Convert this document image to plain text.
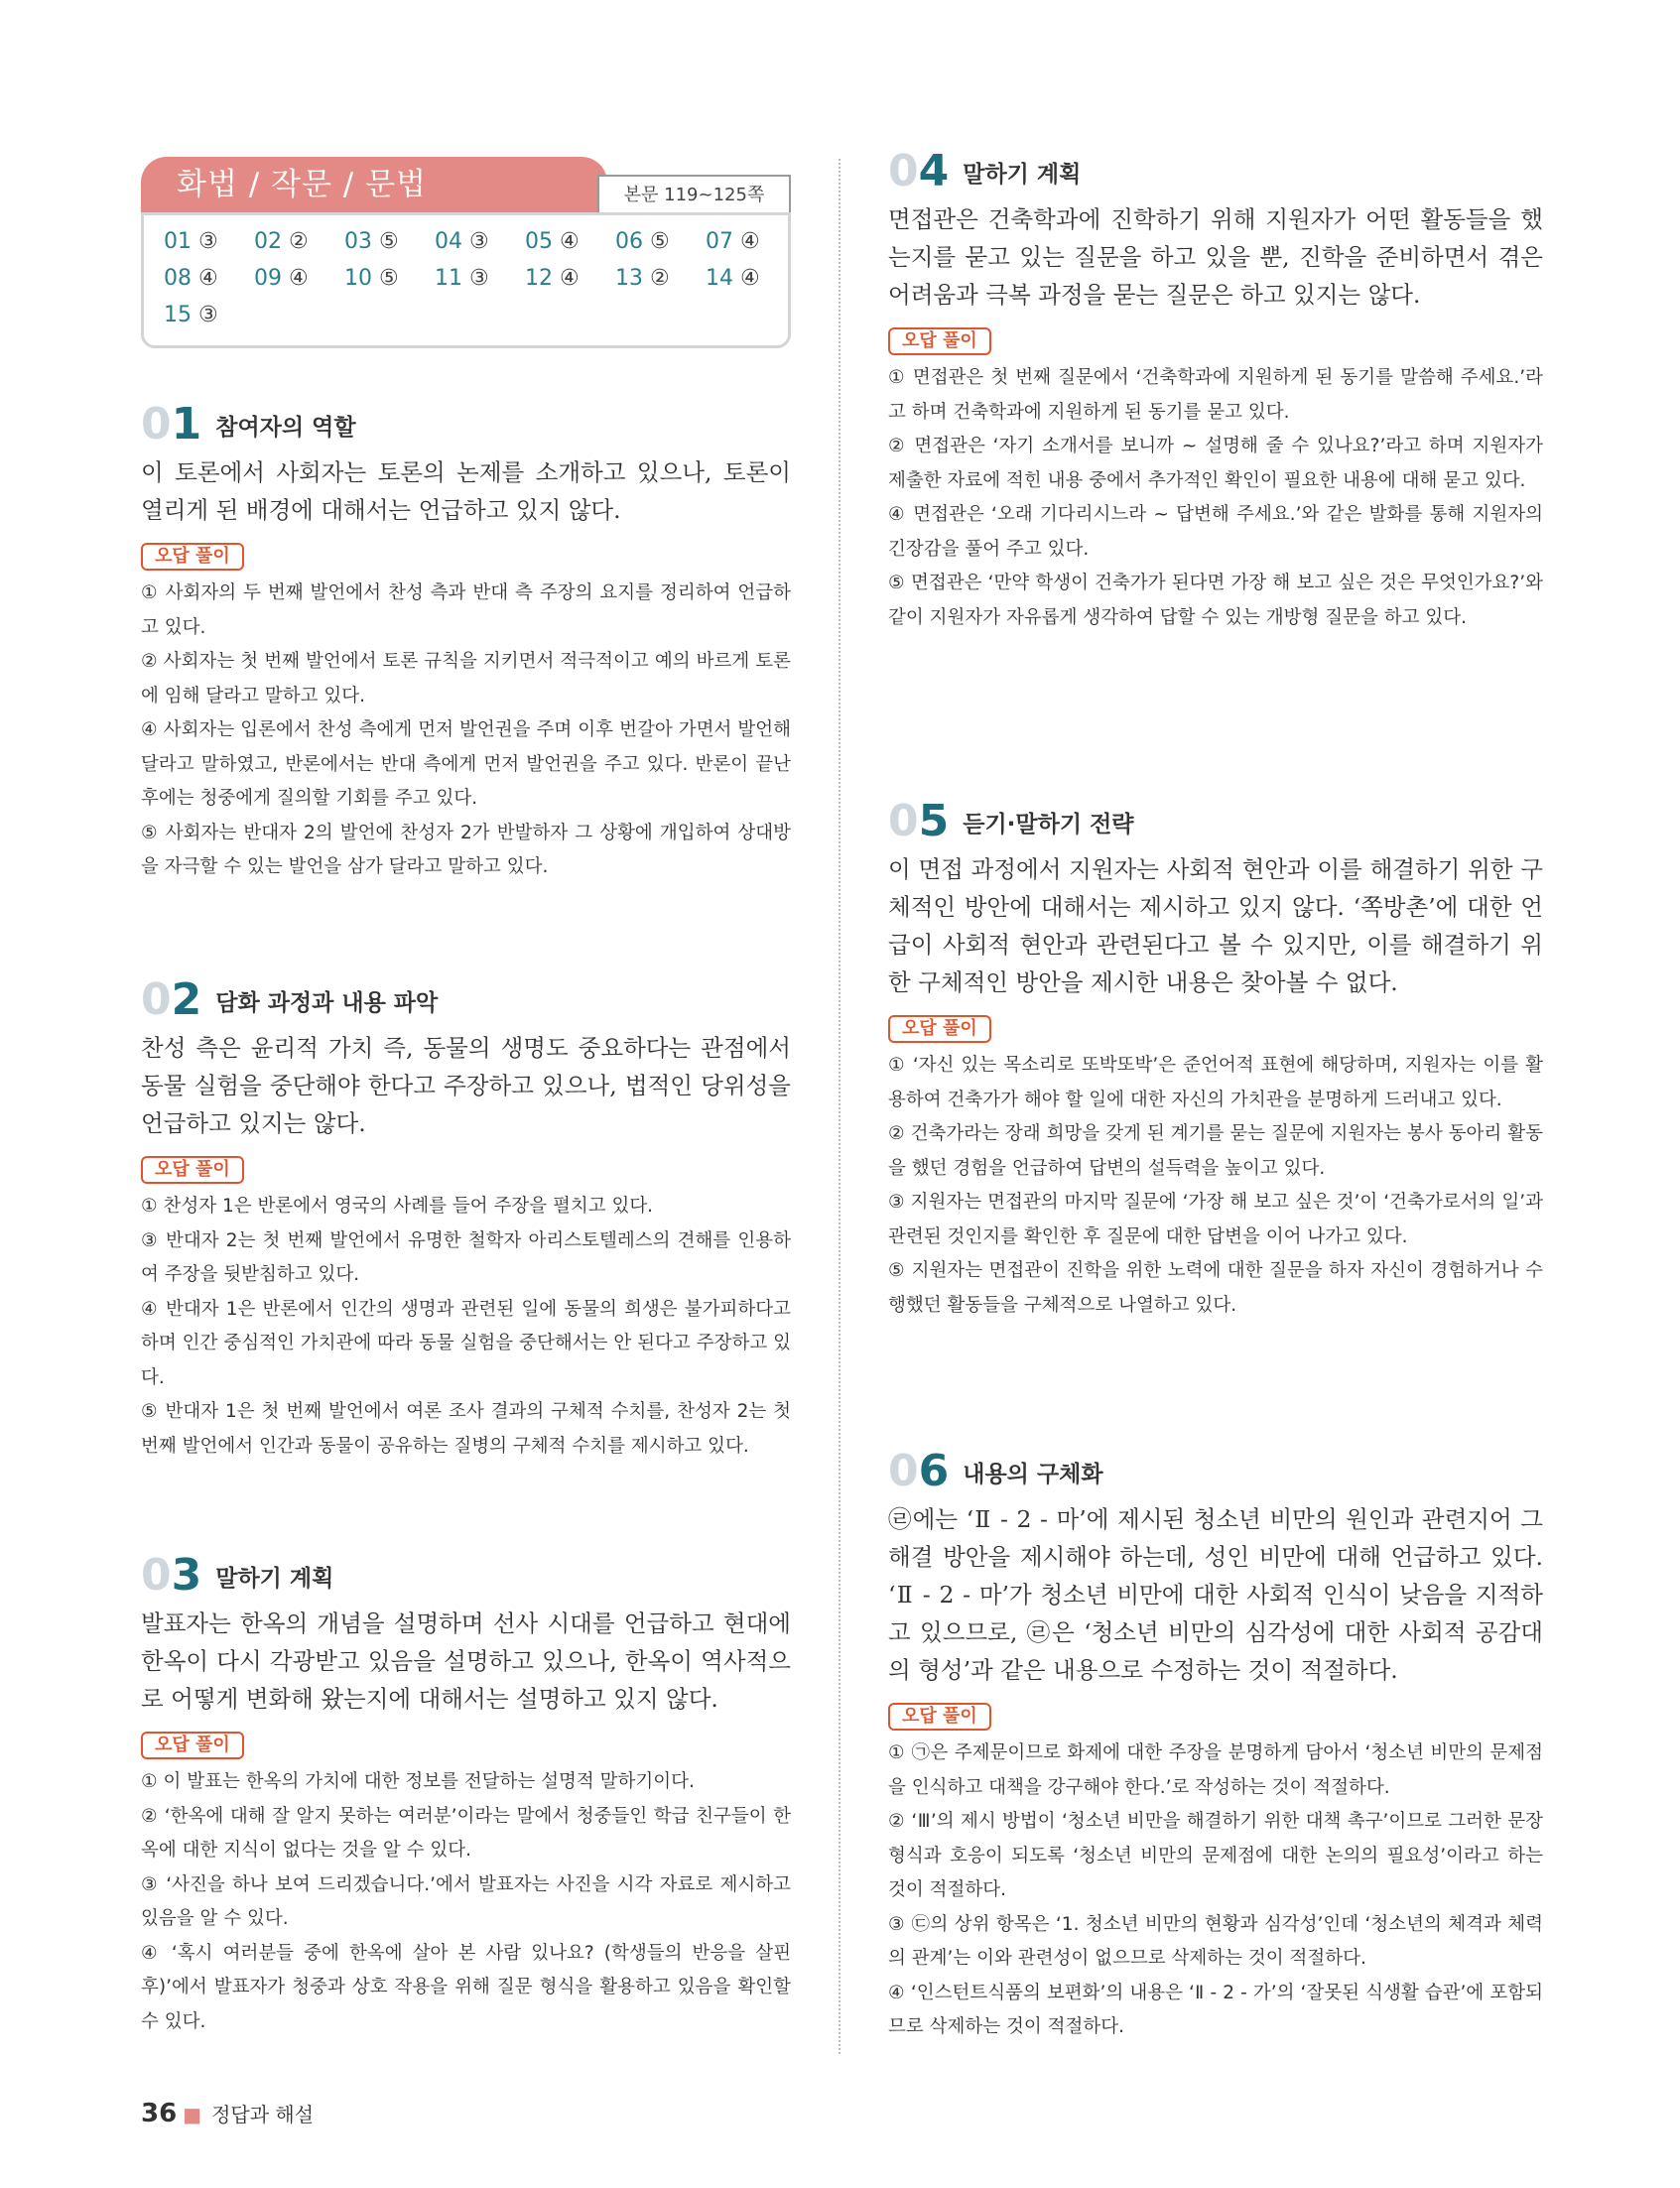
화법 / 작문 / 문법	본문 119~125쪽
01 ③	02 ②	03 ⑤	04 ③	05 ④	06 ⑤	07 ④
08 ④	09 ④	10 ⑤	11 ③	12 ④	13 ②	14 ④
15 ③
01 참여자의 역할
이 토론에서 사회자는 토론의 논제를 소개하고 있으나, 토론이 열리게 된 배경에 대해서는 언급하고 있지 않다.
오답 풀이

① 사회자의 두 번째 발언에서 찬성 측과 반대 측 주장의 요지를 정리하여 언급하고 있다.

② 사회자는 첫 번째 발언에서 토론 규칙을 지키면서 적극적이고 예의 바르게 토론에 임해 달라고 말하고 있다.

④ 사회자는 입론에서 찬성 측에게 먼저 발언권을 주며 이후 번갈아 가면서 발언해 달라고 말하였고, 반론에서는 반대 측에게 먼저 발언권을 주고 있다. 반론이 끝난 후에는 청중에게 질의할 기회를 주고 있다.

⑤ 사회자는 반대자 2의 발언에 찬성자 2가 반발하자 그 상황에 개입하여 상대방을 자극할 수 있는 발언을 삼가 달라고 말하고 있다.

02 담화 과정과 내용 파악
찬성 측은 윤리적 가치 즉, 동물의 생명도 중요하다는 관점에서 동물 실험을 중단해야 한다고 주장하고 있으나, 법적인 당위성을 언급하고 있지는 않다.
오답 풀이

① 찬성자 1은 반론에서 영국의 사례를 들어 주장을 펼치고 있다.

③ 반대자 2는 첫 번째 발언에서 유명한 철학자 아리스토텔레스의 견해를 인용하여 주장을 뒷받침하고 있다.

④ 반대자 1은 반론에서 인간의 생명과 관련된 일에 동물의 희생은 불가피하다고 하며 인간 중심적인 가치관에 따라 동물 실험을 중단해서는 안 된다고 주장하고 있다.

⑤ 반대자 1은 첫 번째 발언에서 여론 조사 결과의 구체적 수치를, 찬성자 2는 첫 번째 발언에서 인간과 동물이 공유하는 질병의 구체적 수치를 제시하고 있다.

03 말하기 계획
발표자는 한옥의 개념을 설명하며 선사 시대를 언급하고 현대에 한옥이 다시 각광받고 있음을 설명하고 있으나, 한옥이 역사적으로 어떻게 변화해 왔는지에 대해서는 설명하고 있지 않다.
오답 풀이

① 이 발표는 한옥의 가치에 대한 정보를 전달하는 설명적 말하기이다.

② ‘한옥에 대해 잘 알지 못하는 여러분’이라는 말에서 청중들인 학급 친구들이 한옥에 대한 지식이 없다는 것을 알 수 있다.

③ ‘사진을 하나 보여 드리겠습니다.’에서 발표자는 사진을 시각 자료로 제시하고 있음을 알 수 있다.

④ ‘혹시 여러분들 중에 한옥에 살아 본 사람 있나요? (학생들의 반응을 살핀 후)’에서 발표자가 청중과 상호 작용을 위해 질문 형식을 활용하고 있음을 확인할 수 있다.

04 말하기 계획
면접관은 건축학과에 진학하기 위해 지원자가 어떤 활동들을 했는지를 묻고 있는 질문을 하고 있을 뿐, 진학을 준비하면서 겪은 어려움과 극복 과정을 묻는 질문은 하고 있지는 않다.
오답 풀이

① 면접관은 첫 번째 질문에서 ‘건축학과에 지원하게 된 동기를 말씀해 주세요.’라고 하며 건축학과에 지원하게 된 동기를 묻고 있다.

② 면접관은 ‘자기 소개서를 보니까 ~ 설명해 줄 수 있나요?’라고 하며 지원자가 제출한 자료에 적힌 내용 중에서 추가적인 확인이 필요한 내용에 대해 묻고 있다.

④ 면접관은 ‘오래 기다리시느라 ~ 답변해 주세요.’와 같은 발화를 통해 지원자의 긴장감을 풀어 주고 있다.

⑤ 면접관은 ‘만약 학생이 건축가가 된다면 가장 해 보고 싶은 것은 무엇인가요?’와 같이 지원자가 자유롭게 생각하여 답할 수 있는 개방형 질문을 하고 있다.

05 듣기·말하기 전략
이 면접 과정에서 지원자는 사회적 현안과 이를 해결하기 위한 구체적인 방안에 대해서는 제시하고 있지 않다. ‘쪽방촌’에 대한 언급이 사회적 현안과 관련된다고 볼 수 있지만, 이를 해결하기 위한 구체적인 방안을 제시한 내용은 찾아볼 수 없다.
오답 풀이

① ‘자신 있는 목소리로 또박또박’은 준언어적 표현에 해당하며, 지원자는 이를 활용하여 건축가가 해야 할 일에 대한 자신의 가치관을 분명하게 드러내고 있다.

② 건축가라는 장래 희망을 갖게 된 계기를 묻는 질문에 지원자는 봉사 동아리 활동을 했던 경험을 언급하여 답변의 설득력을 높이고 있다.

③ 지원자는 면접관의 마지막 질문에 ‘가장 해 보고 싶은 것’이 ‘건축가로서의 일’과 관련된 것인지를 확인한 후 질문에 대한 답변을 이어 나가고 있다.

⑤ 지원자는 면접관이 진학을 위한 노력에 대한 질문을 하자 자신이 경험하거나 수행했던 활동들을 구체적으로 나열하고 있다.

06 내용의 구체화
㉣에는 ‘Ⅱ - 2 - 마’에 제시된 청소년 비만의 원인과 관련지어 그 해결 방안을 제시해야 하는데, 성인 비만에 대해 언급하고 있다. ‘Ⅱ - 2 - 마’가 청소년 비만에 대한 사회적 인식이 낮음을 지적하고 있으므로, ㉣은 ‘청소년 비만의 심각성에 대한 사회적 공감대의 형성’과 같은 내용으로 수정하는 것이 적절하다.
오답 풀이

① ㉠은 주제문이므로 화제에 대한 주장을 분명하게 담아서 ‘청소년 비만의 문제점을 인식하고 대책을 강구해야 한다.’로 작성하는 것이 적절하다.

② ‘Ⅲ’의 제시 방법이 ‘청소년 비만을 해결하기 위한 대책 촉구’이므로 그러한 문장 형식과 호응이 되도록 ‘청소년 비만의 문제점에 대한 논의의 필요성’이라고 하는 것이 적절하다.

③ ㉢의 상위 항목은 ‘1. 청소년 비만의 현황과 심각성’인데 ‘청소년의 체격과 체력의 관계’는 이와 관련성이 없으므로 삭제하는 것이 적절하다.

④ ‘인스턴트식품의 보편화’의 내용은 ‘Ⅱ - 2 - 가’의 ‘잘못된 식생활 습관’에 포함되므로 삭제하는 것이 적절하다.

36 ■ 정답과 해설
